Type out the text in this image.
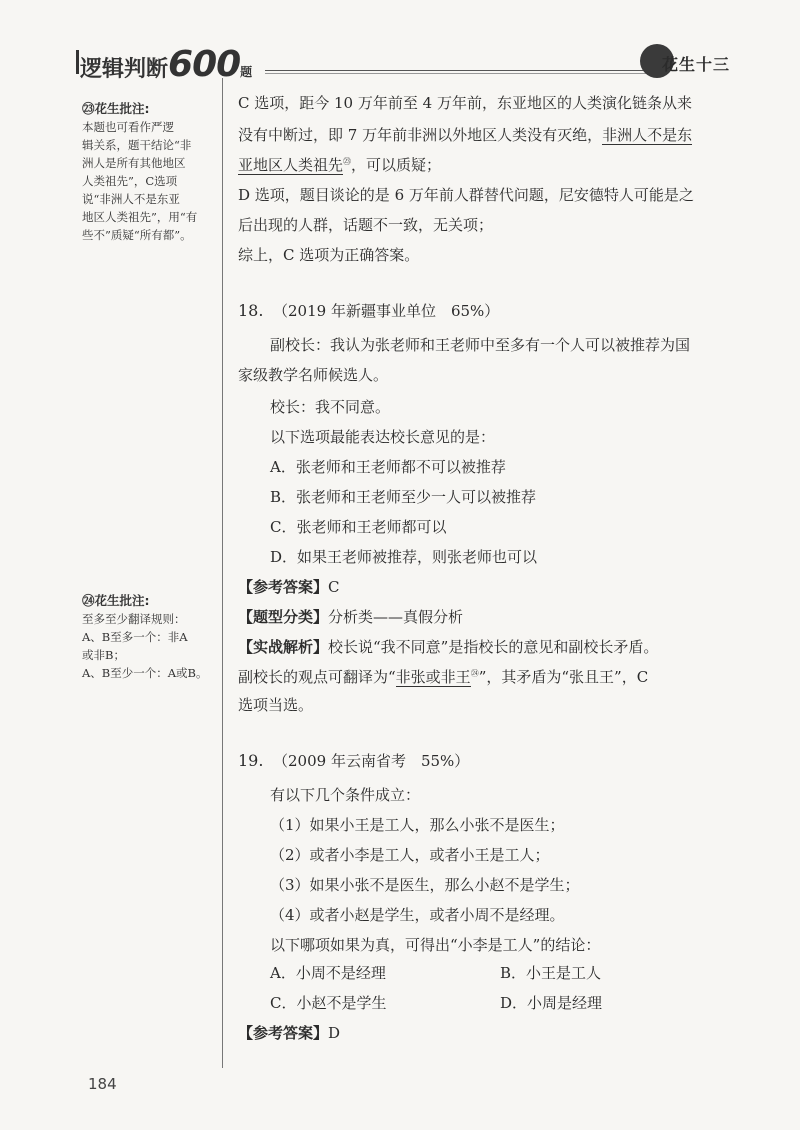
逻辑判断600题	花生十三
㉓花生批注:
本题也可看作严逻
辑关系，题干结论“非
洲人是所有其他地区
人类祖先”，C选项
说“非洲人不是东亚
地区人类祖先”，用“有
些不”质疑“所有都”。
㉔花生批注:
至多至少翻译规则：
A、B至多一个：非A
或非B；
A、B至少一个：A或B。
C 选项，距今 10 万年前至 4 万年前，东亚地区的人类演化链条从来
没有中断过，即 7 万年前非洲以外地区人类没有灭绝，非洲人不是东
亚地区人类祖先$^㉓$，可以质疑；
D 选项，题目谈论的是 6 万年前人群替代问题，尼安德特人可能是之
后出现的人群，话题不一致，无关项；
综上，C 选项为正确答案。
18. （2019 年新疆事业单位　65%）
副校长：我认为张老师和王老师中至多有一个人可以被推荐为国
家级教学名师候选人。
校长：我不同意。
以下选项最能表达校长意见的是：
A．张老师和王老师都不可以被推荐
B．张老师和王老师至少一人可以被推荐
C．张老师和王老师都可以
D．如果王老师被推荐，则张老师也可以
【参考答案】C
【题型分类】分析类——真假分析
【实战解析】校长说“我不同意”是指校长的意见和副校长矛盾。
副校长的观点可翻译为“非张或非王$^㉔$”，其矛盾为“张且王”，C
选项当选。
19. （2009 年云南省考　55%）
有以下几个条件成立：
（1）如果小王是工人，那么小张不是医生；
（2）或者小李是工人，或者小王是工人；
（3）如果小张不是医生，那么小赵不是学生；
（4）或者小赵是学生，或者小周不是经理。
以下哪项如果为真，可得出“小李是工人”的结论：
A．小周不是经理	B．小王是工人
C．小赵不是学生	D．小周是经理
【参考答案】D
184
